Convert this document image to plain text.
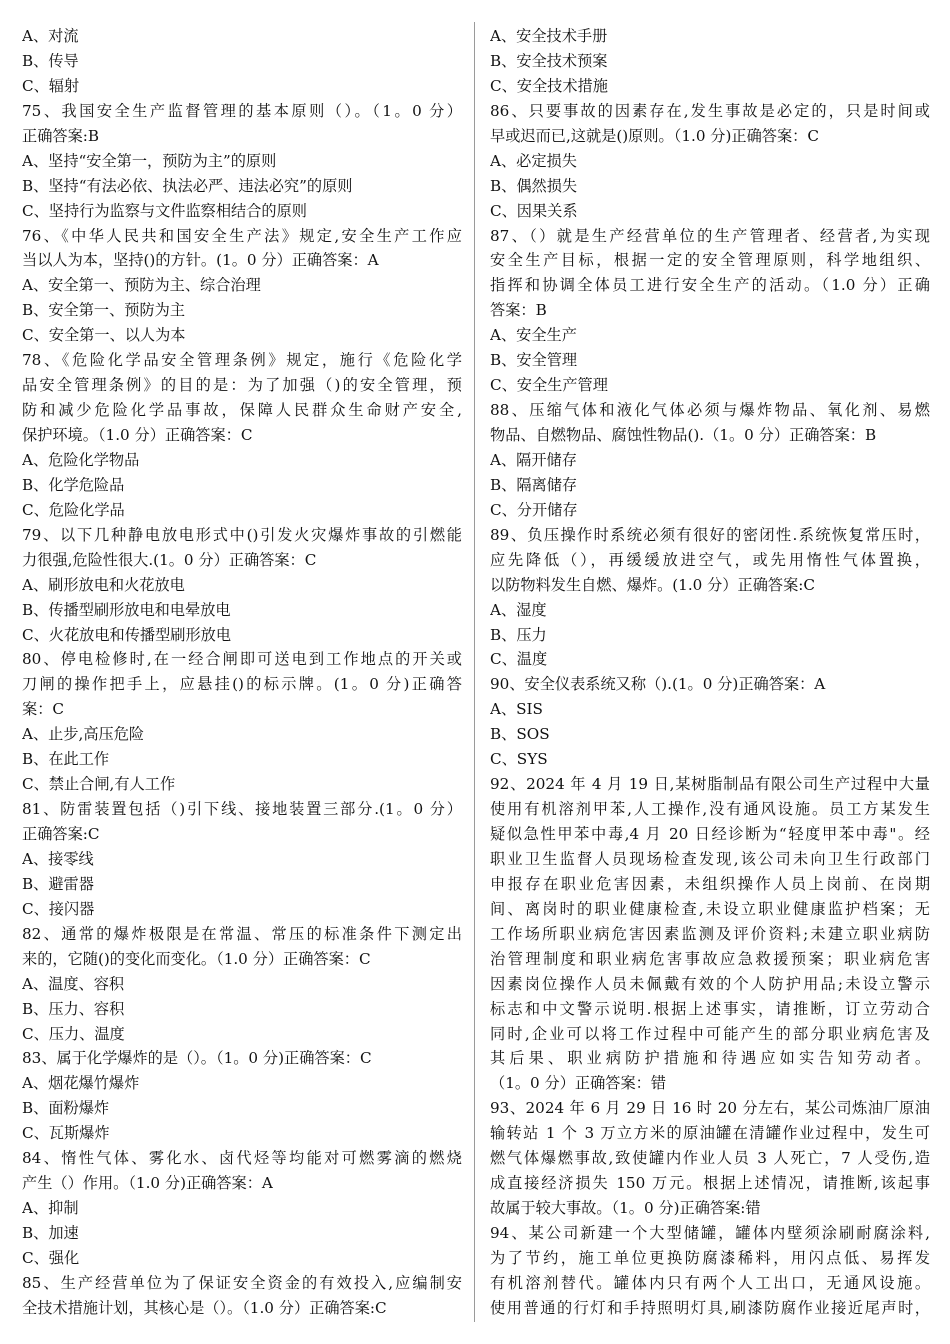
A、对流
B、传导
C、辐射
75、我国安全生产监督管理的基本原则（）。（1。0 分）
正确答案:B
A、坚持“安全第一，预防为主”的原则
B、坚持“有法必依、执法必严、违法必究”的原则
C、坚持行为监察与文件监察相结合的原则
76、《中华人民共和国安全生产法》规定,安全生产工作应
当以人为本，坚持()的方针。(1。0 分）正确答案：A
A、安全第一、预防为主、综合治理
B、安全第一、预防为主
C、安全第一、以人为本
78、《危险化学品安全管理条例》规定，施行《危险化学
品安全管理条例》的目的是：为了加强（)的安全管理，预
防和减少危险化学品事故，保障人民群众生命财产安全,
保护环境。（1.0 分）正确答案：C
A、危险化学物品
B、化学危险品
C、危险化学品
79、以下几种静电放电形式中()引发火灾爆炸事故的引燃能
力很强,危险性很大.(1。0 分）正确答案：C
A、刷形放电和火花放电
B、传播型刷形放电和电晕放电
C、火花放电和传播型刷形放电
80、停电检修时,在一经合闸即可送电到工作地点的开关或
刀闸的操作把手上，应悬挂()的标示牌。(1。0 分)正确答
案：C
A、止步,高压危险
B、在此工作
C、禁止合闸,有人工作
81、防雷装置包括（)引下线、接地装置三部分.(1。0 分）
正确答案:C
A、接零线
B、避雷器
C、接闪器
82、通常的爆炸极限是在常温、常压的标准条件下测定出
来的，它随()的变化而变化。（1.0 分）正确答案：C
A、温度、容积
B、压力、容积
C、压力、温度
83、属于化学爆炸的是（）。（1。0 分)正确答案：C
A、烟花爆竹爆炸
B、面粉爆炸
C、瓦斯爆炸
84、惰性气体、雾化水、卤代烃等均能对可燃雾滴的燃烧
产生（）作用。（1.0 分)正确答案：A
A、抑制
B、加速
C、强化
85、生产经营单位为了保证安全资金的有效投入,应编制安
全技术措施计划，其核心是（）。（1.0 分）正确答案:C
A、安全技术手册
B、安全技术预案
C、安全技术措施
86、只要事故的因素存在,发生事故是必定的，只是时间或
早或迟而已,这就是()原则。（1.0 分)正确答案：C
A、必定损失
B、偶然损失
C、因果关系
87、（）就是生产经营单位的生产管理者、经营者,为实现
安全生产目标，根据一定的安全管理原则，科学地组织、
指挥和协调全体员工进行安全生产的活动。（1.0 分）正确
答案：B
A、安全生产
B、安全管理
C、安全生产管理
88、压缩气体和液化气体必须与爆炸物品、氧化剂、易燃
物品、自燃物品、腐蚀性物品().（1。0 分）正确答案：B
A、隔开储存
B、隔离储存
C、分开储存
89、负压操作时系统必须有很好的密闭性.系统恢复常压时，
应先降低（），再缓缓放进空气，或先用惰性气体置换，
以防物料发生自燃、爆炸。(1.0 分）正确答案:C
A、湿度
B、压力
C、温度
90、安全仪表系统又称（).(1。0 分)正确答案：A
A、SIS
B、SOS
C、SYS
92、2024 年 4 月 19 日,某树脂制品有限公司生产过程中大量
使用有机溶剂甲苯,人工操作,没有通风设施。员工方某发生
疑似急性甲苯中毒,4 月 20 日经诊断为“轻度甲苯中毒"。经
职业卫生监督人员现场检查发现,该公司未向卫生行政部门
申报存在职业危害因素，未组织操作人员上岗前、在岗期
间、离岗时的职业健康检查,未设立职业健康监护档案；无
工作场所职业病危害因素监测及评价资料;未建立职业病防
治管理制度和职业病危害事故应急救援预案；职业病危害
因素岗位操作人员未佩戴有效的个人防护用品;未设立警示
标志和中文警示说明.根据上述事实，请推断，订立劳动合
同时,企业可以将工作过程中可能产生的部分职业病危害及
其后果、职业病防护措施和待遇应如实告知劳动者。
（1。0 分）正确答案：错
93、2024 年 6 月 29 日 16 时 20 分左右，某公司炼油厂原油
输转站 1 个 3 万立方米的原油罐在清罐作业过程中，发生可
燃气体爆燃事故,致使罐内作业人员 3 人死亡，7 人受伤,造
成直接经济损失 150 万元。根据上述情况，请推断,该起事
故属于较大事故。（1。0 分)正确答案:错
94、某公司新建一个大型储罐，罐体内壁须涂刷耐腐涂料,
为了节约，施工单位更换防腐漆稀料，用闪点低、易挥发
有机溶剂替代。罐体内只有两个人工出口，无通风设施。
使用普通的行灯和手持照明灯具,刷漆防腐作业接近尾声时，
